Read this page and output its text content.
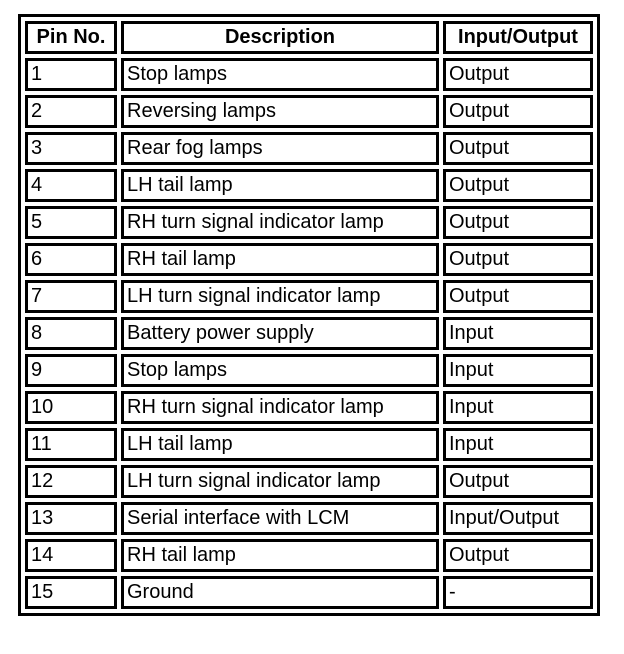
Pin No.	Description	Input/Output
1	Stop lamps	Output
2	Reversing lamps	Output
3	Rear fog lamps	Output
4	LH tail lamp	Output
5	RH turn signal indicator lamp	Output
6	RH tail lamp	Output
7	LH turn signal indicator lamp	Output
8	Battery power supply	Input
9	Stop lamps	Input
10	RH turn signal indicator lamp	Input
11	LH tail lamp	Input
12	LH turn signal indicator lamp	Output
13	Serial interface with LCM	Input/Output
14	RH tail lamp	Output
15	Ground	-
